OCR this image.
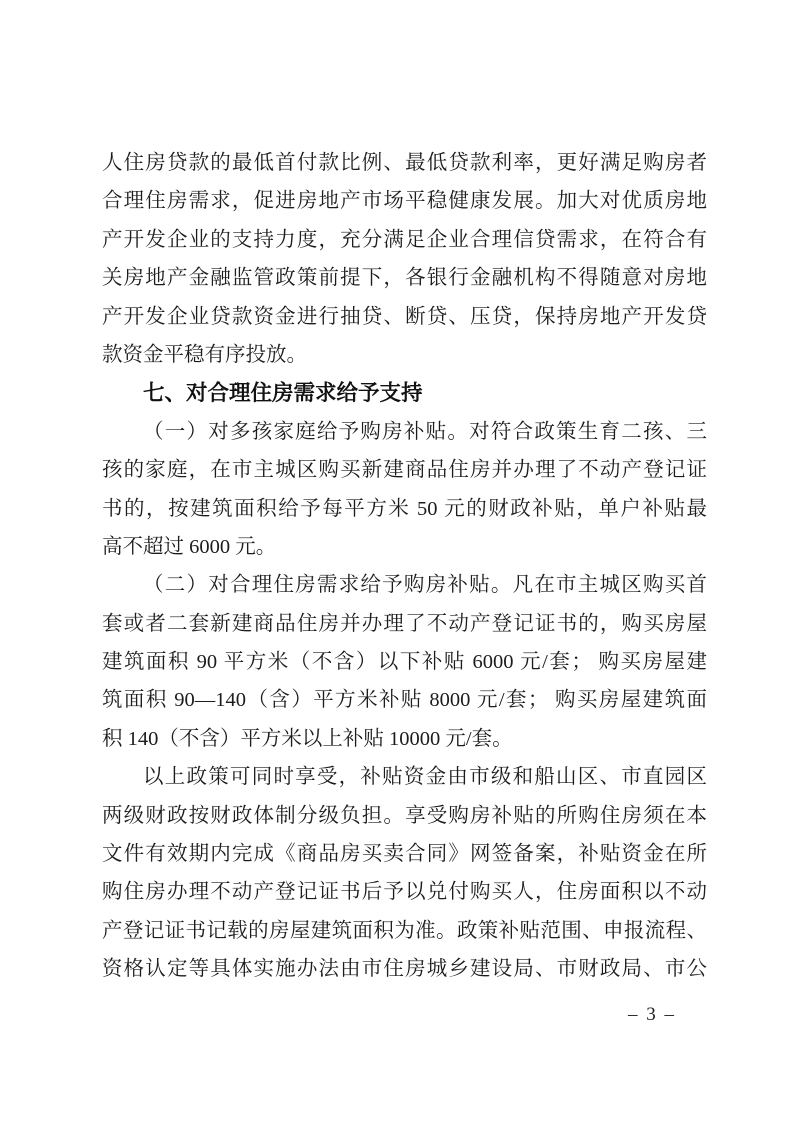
人住房贷款的最低首付款比例、最低贷款利率，更好满足购房者
合理住房需求，促进房地产市场平稳健康发展。加大对优质房地
产开发企业的支持力度，充分满足企业合理信贷需求，在符合有
关房地产金融监管政策前提下，各银行金融机构不得随意对房地
产开发企业贷款资金进行抽贷、断贷、压贷，保持房地产开发贷
款资金平稳有序投放。
七、对合理住房需求给予支持
（一）对多孩家庭给予购房补贴。对符合政策生育二孩、三
孩的家庭，在市主城区购买新建商品住房并办理了不动产登记证
书的，按建筑面积给予每平方米 50 元的财政补贴，单户补贴最
高不超过 6000 元。
（二）对合理住房需求给予购房补贴。凡在市主城区购买首
套或者二套新建商品住房并办理了不动产登记证书的，购买房屋
建筑面积 90 平方米（不含）以下补贴 6000 元/套； 购买房屋建
筑面积 90—140（含）平方米补贴 8000 元/套； 购买房屋建筑面
积 140（不含）平方米以上补贴 10000 元/套。
以上政策可同时享受，补贴资金由市级和船山区、市直园区
两级财政按财政体制分级负担。享受购房补贴的所购住房须在本
文件有效期内完成《商品房买卖合同》网签备案，补贴资金在所
购住房办理不动产登记证书后予以兑付购买人，住房面积以不动
产登记证书记载的房屋建筑面积为准。政策补贴范围、申报流程、
资格认定等具体实施办法由市住房城乡建设局、市财政局、市公
– 3 –
